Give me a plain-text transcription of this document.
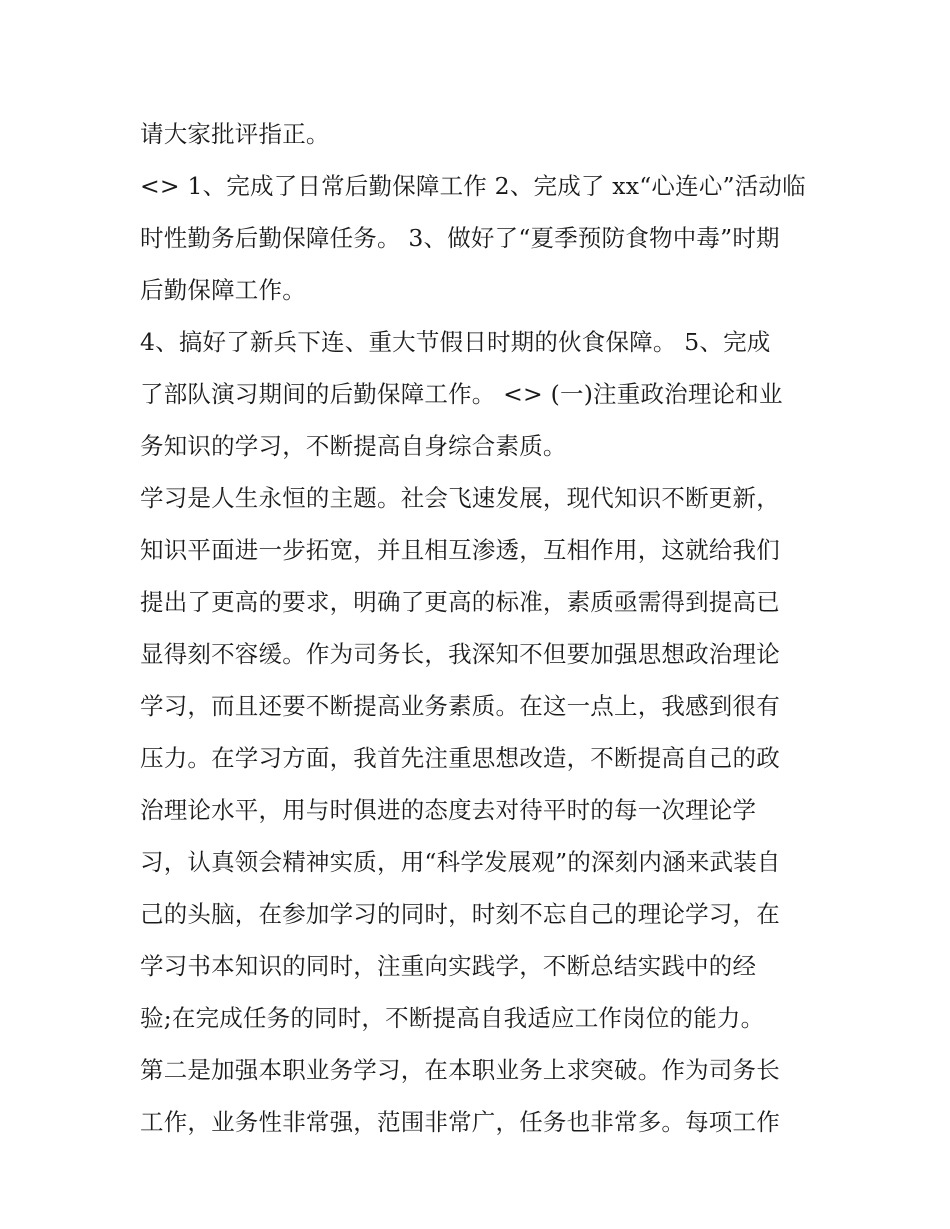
请大家批评指正。
<> 1、完成了日常后勤保障工作 2、完成了 xx“心连心”活动临
时性勤务后勤保障任务。 3、做好了“夏季预防食物中毒”时期
后勤保障工作。
4、搞好了新兵下连、重大节假日时期的伙食保障。 5、完成
了部队演习期间的后勤保障工作。 <> (一)注重政治理论和业
务知识的学习，不断提高自身综合素质。
学习是人生永恒的主题。社会飞速发展，现代知识不断更新，
知识平面进一步拓宽，并且相互渗透，互相作用，这就给我们
提出了更高的要求，明确了更高的标准，素质亟需得到提高已
显得刻不容缓。作为司务长，我深知不但要加强思想政治理论
学习，而且还要不断提高业务素质。在这一点上，我感到很有
压力。在学习方面，我首先注重思想改造，不断提高自己的政
治理论水平，用与时俱进的态度去对待平时的每一次理论学
习，认真领会精神实质，用“科学发展观”的深刻内涵来武装自
己的头脑，在参加学习的同时，时刻不忘自己的理论学习，在
学习书本知识的同时，注重向实践学，不断总结实践中的经
验;在完成任务的同时，不断提高自我适应工作岗位的能力。
第二是加强本职业务学习，在本职业务上求突破。作为司务长
工作，业务性非常强，范围非常广，任务也非常多。每项工作
